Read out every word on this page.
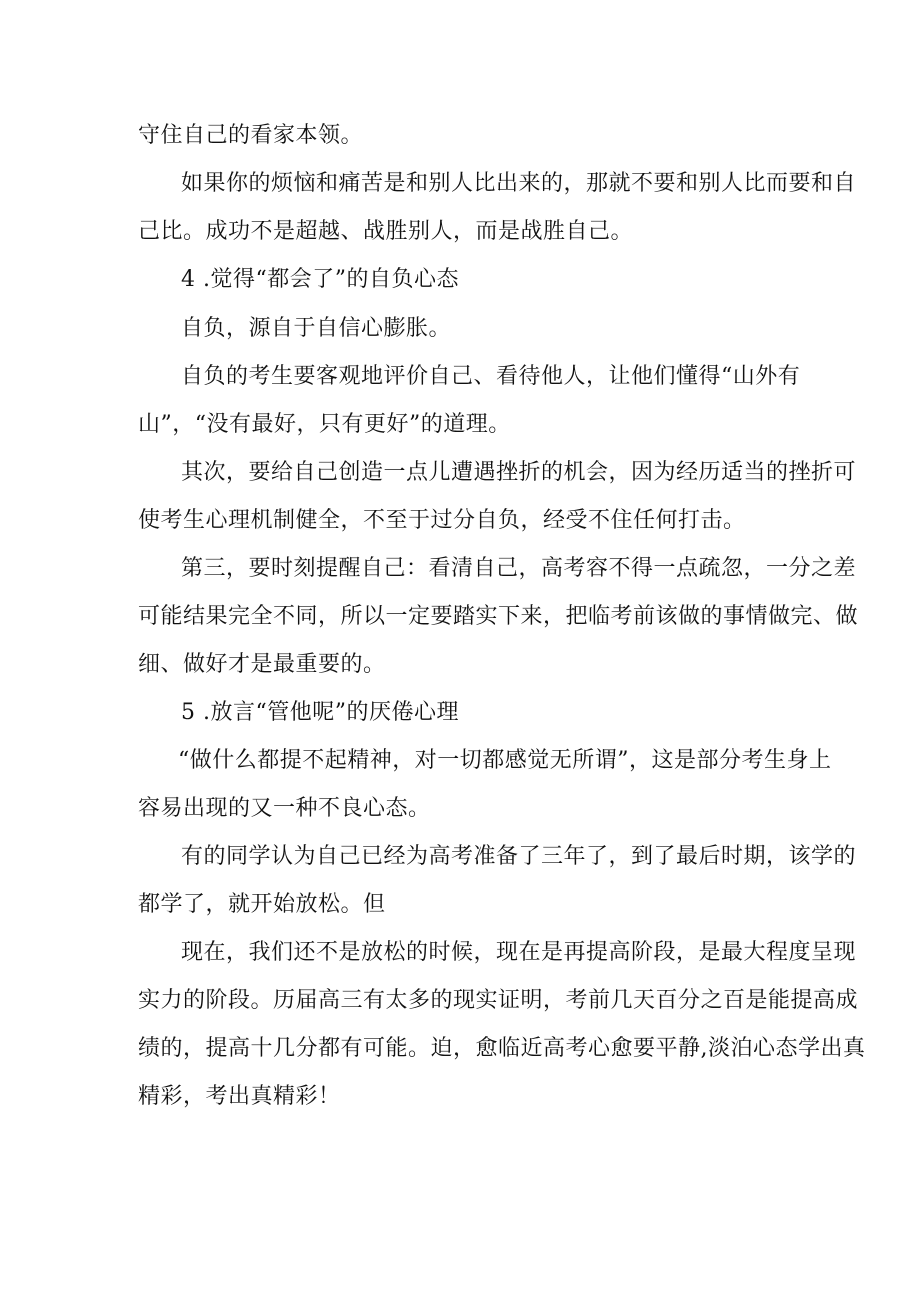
守住自己的看家本领。
如果你的烦恼和痛苦是和别人比出来的，那就不要和别人比而要和自
己比。成功不是超越、战胜别人，而是战胜自己。
4 .觉得“都会了”的自负心态
自负，源自于自信心膨胀。
自负的考生要客观地评价自己、看待他人，让他们懂得“山外有
山”，“没有最好，只有更好”的道理。
其次，要给自己创造一点儿遭遇挫折的机会，因为经历适当的挫折可
使考生心理机制健全，不至于过分自负，经受不住任何打击。
第三，要时刻提醒自己：看清自己，高考容不得一点疏忽，一分之差
可能结果完全不同，所以一定要踏实下来，把临考前该做的事情做完、做
细、做好才是最重要的。
5 .放言“管他呢”的厌倦心理
“做什么都提不起精神，对一切都感觉无所谓”，这是部分考生身上
容易出现的又一种不良心态。
有的同学认为自己已经为高考准备了三年了，到了最后时期，该学的
都学了，就开始放松。但
现在，我们还不是放松的时候，现在是再提高阶段，是最大程度呈现
实力的阶段。历届高三有太多的现实证明，考前几天百分之百是能提高成
绩的，提高十几分都有可能。迫，愈临近高考心愈要平静,淡泊心态学出真
精彩，考出真精彩！
